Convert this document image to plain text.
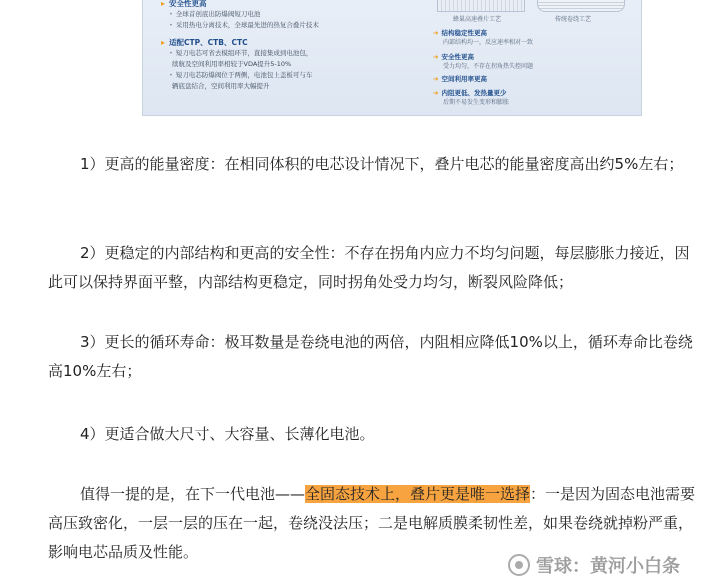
▸ 安全性更高
• 全球首创底出防爆阀短刀电池
• 采用热电分离技术，全球最先进的热复合叠片技术
▸ 适配CTP、CTB、CTC
• 短刀电芯可省去模组环节，直接集成到电池包，
续航及空间利用率相较于VDA提升5-10%
• 短刀电芯防爆阀位于两侧，电池包上盖板可与车
辆底盘结合，空间利用率大幅提升
蜂巢高速叠片工艺	传统卷绕工艺
➜ 结构稳定性更高
内部结构均一，反应速率相对一致
➜ 安全性更高
受力均匀，不存在拐角热失控问题
➜ 空间利用率更高
➜ 内阻更低、发热量更少
后期不易发生变形和膨胀

1）更高的能量密度：在相同体积的电芯设计情况下，叠片电芯的能量密度高出约5%左右；

2）更稳定的内部结构和更高的安全性：不存在拐角内应力不均匀问题，每层膨胀力接近，因此可以保持界面平整，内部结构更稳定，同时拐角处受力均匀，断裂风险降低；

3）更长的循环寿命：极耳数量是卷绕电池的两倍，内阻相应降低10%以上，循环寿命比卷绕高10%左右；

4）更适合做大尺寸、大容量、长薄化电池。

值得一提的是，在下一代电池——全固态技术上，叠片更是唯一选择：一是因为固态电池需要高压致密化，一层一层的压在一起，卷绕没法压；二是电解质膜柔韧性差，如果卷绕就掉粉严重，影响电芯品质及性能。

雪球：黄河小白条
